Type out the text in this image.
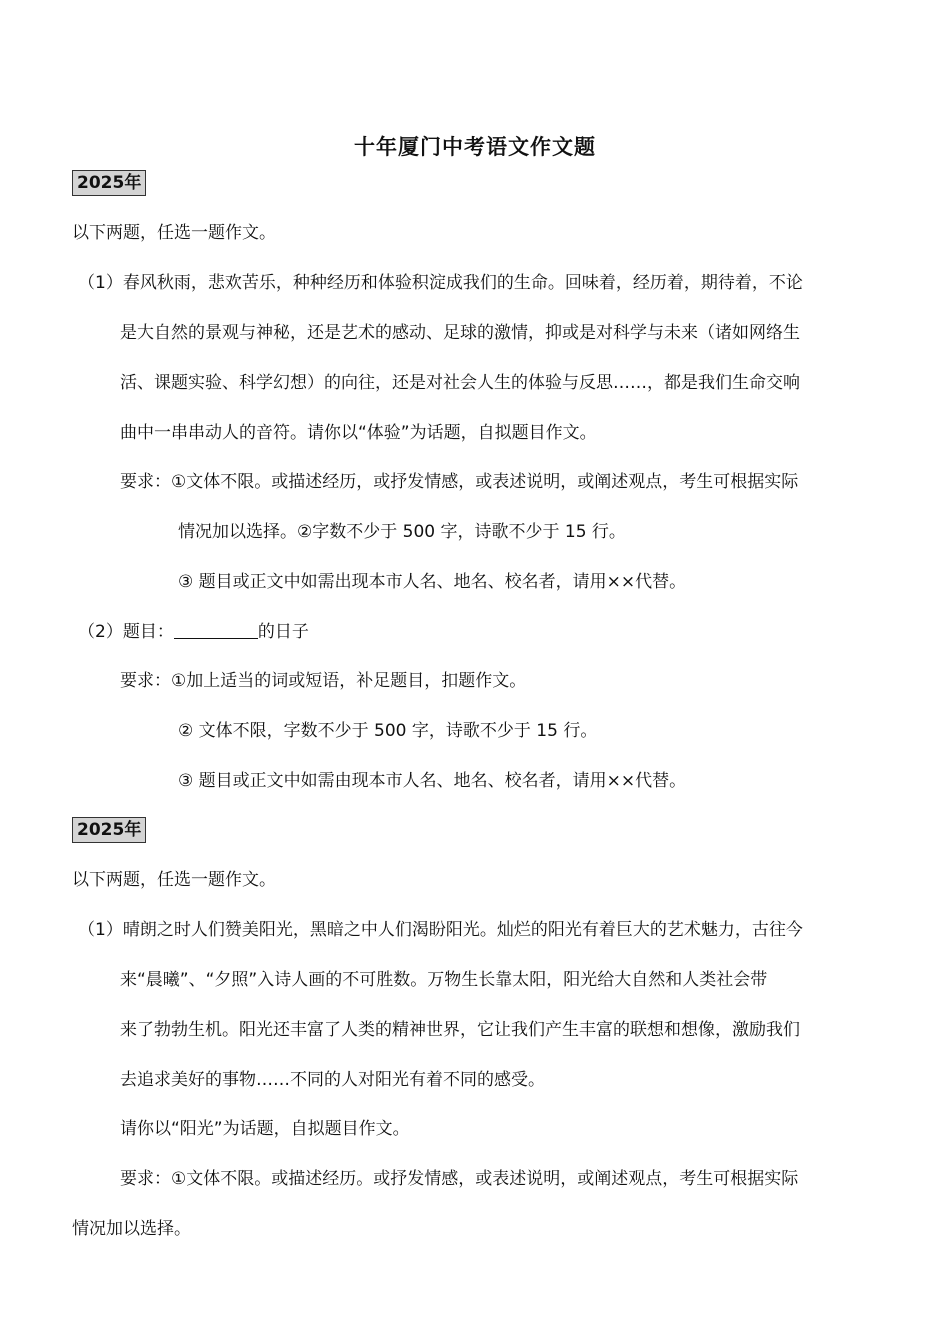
十年厦门中考语文作文题
2025年
以下两题，任选一题作文。
（1）春风秋雨，悲欢苦乐，种种经历和体验积淀成我们的生命。回味着，经历着，期待着，不论
是大自然的景观与神秘，还是艺术的感动、足球的激情，抑或是对科学与未来（诸如网络生
活、课题实验、科学幻想）的向往，还是对社会人生的体验与反思……，都是我们生命交响
曲中一串串动人的音符。请你以“体验”为话题，自拟题目作文。
要求：①文体不限。或描述经历，或抒发情感，或表述说明，或阐述观点，考生可根据实际
情况加以选择。②字数不少于 500 字，诗歌不少于 15 行。
③ 题目或正文中如需出现本市人名、地名、校名者，请用××代替。
（2）题目：	的日子
要求：①加上适当的词或短语，补足题目，扣题作文。
② 文体不限，字数不少于 500 字，诗歌不少于 15 行。
③ 题目或正文中如需由现本市人名、地名、校名者，请用××代替。
2025年
以下两题，任选一题作文。
（1）晴朗之时人们赞美阳光，黑暗之中人们渴盼阳光。灿烂的阳光有着巨大的艺术魅力，古往今
来“晨曦”、“夕照”入诗人画的不可胜数。万物生长靠太阳，阳光给大自然和人类社会带
来了勃勃生机。阳光还丰富了人类的精神世界，它让我们产生丰富的联想和想像，激励我们
去追求美好的事物……不同的人对阳光有着不同的感受。
请你以“阳光”为话题，自拟题目作文。
要求：①文体不限。或描述经历。或抒发情感，或表述说明，或阐述观点，考生可根据实际
情况加以选择。
